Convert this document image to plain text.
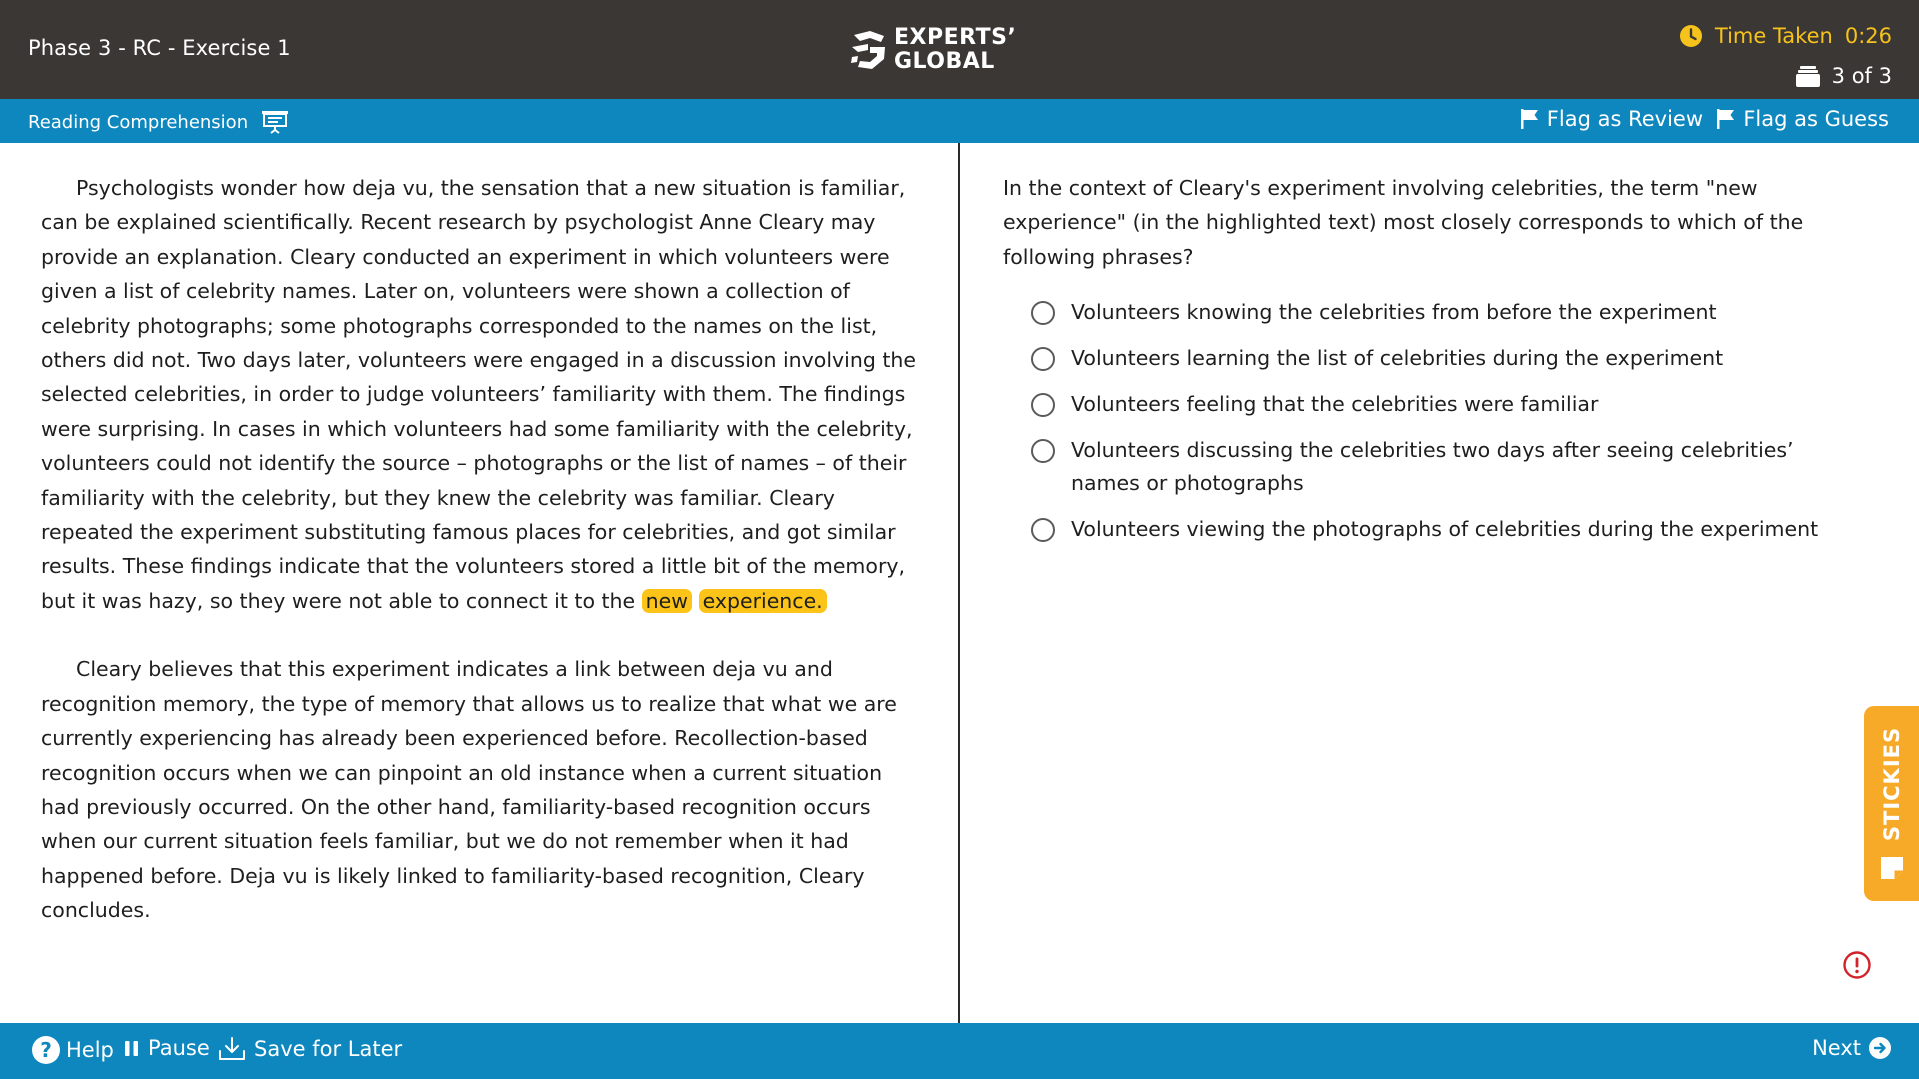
Phase 3 - RC - Exercise 1	EXPERTS’
GLOBAL
Time Taken 0:26
3 of 3
Reading Comprehension	Flag as Review Flag as Guess

Psychologists wonder how deja vu, the sensation that a new situation is familiar, can be explained scientifically. Recent research by psychologist Anne Cleary may provide an explanation. Cleary conducted an experiment in which volunteers were given a list of celebrity names. Later on, volunteers were shown a collection of celebrity photographs; some photographs corresponded to the names on the list, others did not. Two days later, volunteers were engaged in a discussion involving the selected celebrities, in order to judge volunteers’ familiarity with them. The findings were surprising. In cases in which volunteers had some familiarity with the celebrity, volunteers could not identify the source – photographs or the list of names – of their familiarity with the celebrity, but they knew the celebrity was familiar. Cleary repeated the experiment substituting famous places for celebrities, and got similar results. These findings indicate that the volunteers stored a little bit of the memory, but it was hazy, so they were not able to connect it to the new experience.

Cleary believes that this experiment indicates a link between deja vu and recognition memory, the type of memory that allows us to realize that what we are currently experiencing has already been experienced before. Recollection-based recognition occurs when we can pinpoint an old instance when a current situation had previously occurred. On the other hand, familiarity-based recognition occurs when our current situation feels familiar, but we do not remember when it had happened before. Deja vu is likely linked to familiarity-based recognition, Cleary concludes.

In the context of Cleary's experiment involving celebrities, the term "new experience" (in the highlighted text) most closely corresponds to which of the following phrases?
Volunteers knowing the celebrities from before the experiment
Volunteers learning the list of celebrities during the experiment
Volunteers feeling that the celebrities were familiar
Volunteers discussing the celebrities two days after seeing celebrities’ names or photographs
Volunteers viewing the photographs of celebrities during the experiment
STICKIES
? Help Pause Save for Later	Next
